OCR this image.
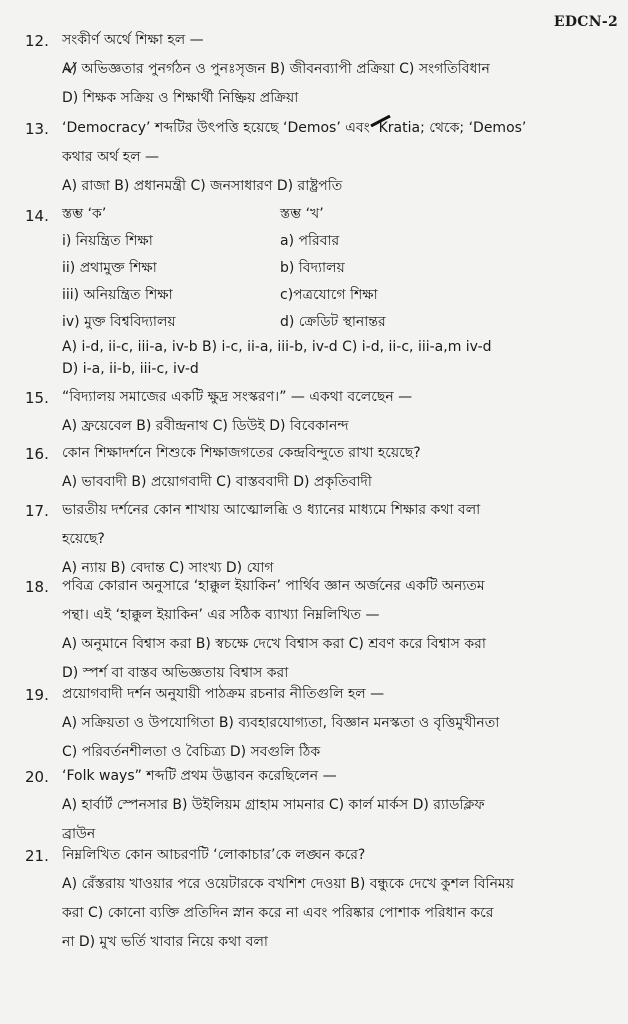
EDCN-2
12. সংকীর্ণ অর্থে শিক্ষা হল —
A) অভিজ্ঞতার পুনর্গঠন ও পুনঃসৃজন B) জীবনব্যাপী প্রক্রিয়া C) সংগতিবিধান
D) শিক্ষক সক্রিয় ও শিক্ষার্থী নিষ্ক্রিয় প্রক্রিয়া
13. ‘Democracy’ শব্দটির উৎপত্তি হয়েছে ‘Demos’ এবং ‘Kratia; থেকে; ‘Demos’
কথার অর্থ হল —
A) রাজা B) প্রধানমন্ত্রী C) জনসাধারণ D) রাষ্ট্রপতি
14. স্তম্ভ ‘ক’	স্তম্ভ ‘খ’
i) নিয়ন্ত্রিত শিক্ষা	a) পরিবার
ii) প্রথামুক্ত শিক্ষা	b) বিদ্যালয়
iii) অনিয়ন্ত্রিত শিক্ষা	c)পত্রযোগে শিক্ষা
iv) মুক্ত বিশ্ববিদ্যালয়	d) ক্রেডিট স্থানান্তর
A) i-d, ii-c, iii-a, iv-b B) i-c, ii-a, iii-b, iv-d C) i-d, ii-c, iii-a,m iv-d
D) i-a, ii-b, iii-c, iv-d
15. “বিদ্যালয় সমাজের একটি ক্ষুদ্র সংস্করণ।” — একথা বলেছেন —
A) ফ্রয়েবেল B) রবীন্দ্রনাথ C) ডিউই D) বিবেকানন্দ
16. কোন শিক্ষাদর্শনে শিশুকে শিক্ষাজগতের কেন্দ্রবিন্দুতে রাখা হয়েছে?
A) ভাববাদী B) প্রয়োগবাদী C) বাস্তববাদী D) প্রকৃতিবাদী
17. ভারতীয় দর্শনের কোন শাখায় আত্মোলব্ধি ও ধ্যানের মাধ্যমে শিক্ষার কথা বলা
হয়েছে?
A) ন্যায় B) বেদান্ত C) সাংখ্য D) যোগ
18. পবিত্র কোরান অনুসারে ‘হাক্কুল ইয়াকিন’ পার্থিব জ্ঞান অর্জনের একটি অন্যতম
পন্থা। এই ‘হাক্কুল ইয়াকিন’ এর সঠিক ব্যাখ্যা নিম্নলিখিত —
A) অনুমানে বিশ্বাস করা B) স্বচক্ষে দেখে বিশ্বাস করা C) শ্রবণ করে বিশ্বাস করা
D) স্পর্শ বা বাস্তব অভিজ্ঞতায় বিশ্বাস করা
19. প্রয়োগবাদী দর্শন অনুযায়ী পাঠক্রম রচনার নীতিগুলি হল —
A) সক্রিয়তা ও উপযোগিতা B) ব্যবহারযোগ্যতা, বিজ্ঞান মনস্কতা ও বৃত্তিমুখীনতা
C) পরিবর্তনশীলতা ও বৈচিত্র্য D) সবগুলি ঠিক
20. ‘Folk ways” শব্দটি প্রথম উদ্ভাবন করেছিলেন —
A) হার্বার্ট স্পেনসার B) উইলিয়ম গ্রাহাম সামনার C) কার্ল মার্কস D) র‍্যাডক্লিফ
ব্রাউন
21. নিম্নলিখিত কোন আচরণটি ‘লোকাচার’কে লঙ্ঘন করে?
A) রেঁস্তরায় খাওয়ার পরে ওয়েটারকে বখশিশ দেওয়া B) বন্ধুকে দেখে কুশল বিনিময়
করা C) কোনো ব্যক্তি প্রতিদিন স্নান করে না এবং পরিষ্কার পোশাক পরিধান করে
না D) মুখ ভর্তি খাবার নিয়ে কথা বলা
